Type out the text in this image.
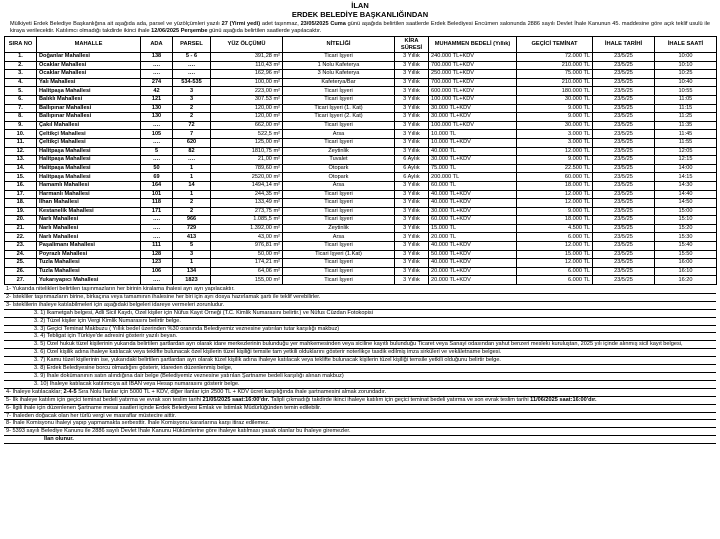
İLAN
ERDEK BELEDİYE BAŞKANLIĞINDAN
Mülkiyeti Erdek Belediye Başkanlığına ait aşağıda ada, parsel ve yüzölçümleri yazılı 27 (Yirmi yedi) adet taşınmaz, 23/05/2025 Cuma günü aşağıda belirtilen saatlerde Erdek Belediyesi Encümen salonunda 2886 sayılı Devlet İhale Kanunun 45. maddesine göre açık teklif usulü ile kiraya verilecektir. Katılımcı olmadığı takdirde ikinci ihale 12/06/2025 Perşembe günü aşağıda belirtilen saatlerde yapılacaktır.
SIRA NO	MAHALLE	ADA	PARSEL	YÜZ ÖLÇÜMÜ	NİTELİĞİ	KİRA SÜRESİ	MUHAMMEN BEDELİ (Yıllık)	GEÇİCİ TEMİNAT	İHALE TARİHİ	İHALE SAATİ
1.	Doğanlar Mahallesi	138	5 - 6	391,28 m²	Ticari İşyeri	3 Yıllık	240.000 TL+KDV	72.000 TL	23/5/25	10:00
2.	Ocaklar Mahallesi	….	….	110,43 m²	1 Nolu Kafeterya	3 Yıllık	700.000 TL+KDV	210.000 TL	23/5/25	10:10
3.	Ocaklar Mahallesi	….	….	162,96 m²	3 Nolu Kafeterya	3 Yıllık	250.000 TL+KDV	75.000 TL	23/5/25	10:25
4.	Yalı Mahallesi	274	534-535	100,00 m²	Kafeterya/Bar	3 Yıllık	700.000 TL+KDV	210.000 TL	23/5/25	10:40
5.	Halitpaşa Mahallesi	42	3	223,00 m²	Ticari İşyeri	3 Yıllık	600.000 TL+KDV	180.000 TL	23/5/25	10:55
6.	Balıklı Mahallesi	121	3	307.53 m²	Ticari İşyeri	3 Yıllık	100.000 TL+KDV	30.000 TL	23/5/25	11:05
7.	Ballıpınar Mahallesi	130	2	120,00 m²	Ticari İşyeri (1. Kat)	3 Yıllık	30.000 TL+KDV	9.000 TL	23/5/25	11:15
8.	Ballıpınar Mahallesi	130	2	120,00 m²	Ticari İşyeri (2. Kat)	3 Yıllık	30.000 TL+KDV	9.000 TL	23/5/25	11:25
9.	Çakıl Mahallesi	….	72	662,00 m²	Ticari İşyeri	3 Yıllık	100.000 TL+KDV	30.000 TL	23/5/25	11:35
10.	Çeltikçi Mahallesi	105	7	522,5 m²	Arsa	3 Yıllık	10.000 TL	3.000 TL	23/5/25	11:45
11.	Çeltikçi Mahallesi	….	620	125,00 m²	Ticari İşyeri	3 Yıllık	10.000 TL+KDV	3.000 TL	23/5/25	11:55
12.	Halitpaşa Mahallesi	5	82	1810,75 m²	Zeytinlik	3 Yıllık	40.000 TL	12.000 TL	23/5/25	12:05
13.	Halitpaşa Mahallesi	….	….	21,00 m²	Tuvalet	6 Aylık	30.000 TL+KDV	9.000 TL	23/5/25	12:15
14.	Halitpaşa Mahallesi	50	1	789,60 m²	Otopark	6 Aylık	75.000 TL	22.500 TL	23/5/25	14:00
15.	Halitpaşa Mahallesi	69	1	2520,00 m²	Otopark	6 Aylık	200.000 TL	60.000 TL	23/5/25	14:15
16.	Hamamlı Mahallesi	164	14	1494,14 m²	Arsa	3 Yıllık	60.000 TL	18.000 TL	23/5/25	14:30
17.	Harmanlı Mahallesi	101	1	244,35 m²	Ticari İşyeri	3 Yıllık	40.000 TL+KDV	12.000 TL	23/5/25	14:40
18.	İlhan Mahallesi	118	2	133,49 m²	Ticari İşyeri	3 Yıllık	40.000 TL+KDV	12.000 TL	23/5/25	14:50
19.	Kestanelik Mahallesi	171	2	273,75 m²	Ticari İşyeri	3 Yıllık	30.000 TL+KDV	9.000 TL	23/5/25	15:00
20.	Narlı Mahallesi	….	966	1.085,5 m²	Ticari İşyeri	3 Yıllık	60.000 TL+KDV	18.000 TL	23/5/25	15:10
21.	Narlı Mahallesi	….	729	1.392,00 m²	Zeytinlik	3 Yıllık	15.000 TL	4.500 TL	23/5/25	15:20
22.	Narlı Mahallesi	….	413	43,00 m²	Arsa	3 Yıllık	20.000 TL	6.000 TL	23/5/25	15:30
23.	Paşalimanı Mahallesi	111	5	976,81 m²	Ticari İşyeri	3 Yıllık	40.000 TL+KDV	12.000 TL	23/5/25	15:40
24.	Poyrazlı Mahallesi	128	3	50,00 m²	Ticari İşyeri (1.Kat)	3 Yıllık	50.000 TL+KDV	15.000 TL	23/5/25	15:50
25.	Tuzla Mahallesi	123	1	174,21 m²	Ticari İşyeri	3 Yıllık	40.000 TL+KDV	12.000 TL	23/5/25	16:00
26.	Tuzla Mahallesi	106	134	64,06 m²	Ticari İşyeri	3 Yıllık	20.000 TL+KDV	6.000 TL	23/5/25	16:10
27.	Yukarıyapıcı Mahallesi	….	1823	155,00 m²	Ticari İşyeri	3 Yıllık	20.000 TL+KDV	6.000 TL	23/5/25	16:20
1- Yukarıda nitelikleri belirtilen taşınmazların her birinin kiralama ihalesi ayrı ayrı yapılacaktır.
2- İstekliler taşınmazların birine, birkaçına veya tamamının ihalesine her biri için ayrı dosya hazırlamak şartı ile teklif verebilirler.
3- İsteklilerin ihaleye katılabilmeleri için aşağıdaki belgeleri idareye vermeleri zorunludur.
3. 1) İkametgah belgesi, Adli Sicil Kaydı, Özel kişiler için Nüfus Kayıt Örneği (T.C. Kimlik Numarasını belirtir.) ve Nüfus Cüzdan Fotokopisi
3. 2) Tüzel kişiler için Vergi Kimlik Numarasını belirtir belge.
3. 3) Geçici Teminat Makbuzu ( Yıllık bedel üzerinden %30 oranında Belediyemiz veznesine yatırılan tutar karşılığı makbuz)
3. 4) Tebligat için Türkiye'de adresini gösterir yazılı beyan.
3. 5) Özel hukuk tüzel kişilerinin yukarıda belirtilen şartlardan ayrı olarak idare merkezlerinin bulunduğu yer mahkemesinden veya siciline kayıtlı bulunduğu Ticaret veya Sanayi odasından yahut benzeri meslekı kuruluştan, 2025 yılı içinde alınmış sicil kayıt belgesi,
3. 6) Özel kişilik adına ihaleye katılacak veya teklifte bulunacak özel kişilerin tüzel kişiliği temsile tam yetkili olduklarını gösterir noterlikçe tasdik edilmiş imza sirküleri ve vekâletname belgesi.
3. 7) Kamu tüzel kişilerinin ise, yukarıdaki belirtilen şartlardan ayrı olarak tüzel kişilik adına ihaleye katılacak veya teklifte bulunacak kişilerin tüzel kişiliği temsile yetkili olduğunu belirtir belge.
3. 8) Erdek Belediyesine borcu olmadığını gösterir, idareden düzenlenmiş belge,
3. 9) İhale dokümanının satın alındığına dair belge (Belediyemiz veznesine yatırılan Şartname bedeli karşılığı alınan makbuz)
3. 10) İhaleye katılacak katılımcıya ait İBAN veya Hesap numarasını gösterir belge.
4- İhaleye katılacaklar; 2-4-5 Sıra Nolu İlanlar için 5000 TL + KDV, diğer ilanlar için 2500 TL + KDV ücret karşılığında ihale şartnamesini almak zorundadır.
5- İlk ihaleye katılım için geçici teminat bedeli yatırma ve evrak son teslim tarihi 21/05/2025 saat:16:00'dır. Talipli çıkmadığı takdirde ikinci ihaleye katılım için geçici teminat bedeli yatırma ve son evrak teslim tarihi 11/06/2025 saat:16:00'dır.
6- İlgili ihale için düzenlenen Şartname mesai saatleri içinde Erdek Belediyesi Emlak ve İstimlak Müdürlüğünden temin edilebilir.
7- İhaleden doğacak olan her türlü vergi ve masraflar müstecire aittir.
8- İhale Komisyonu ihaleyi yapıp yapmamakta serbesttir. İhale Komisyonu kararlarına karşı itiraz edilemez.
9- 5393 sayılı Belediye Kanunu ile 2886 sayılı Devlet İhale Kanunu Hükümlerine göre ihaleye katılması yasak olanlar bu ihaleye giremezler.
İlan olunur.
